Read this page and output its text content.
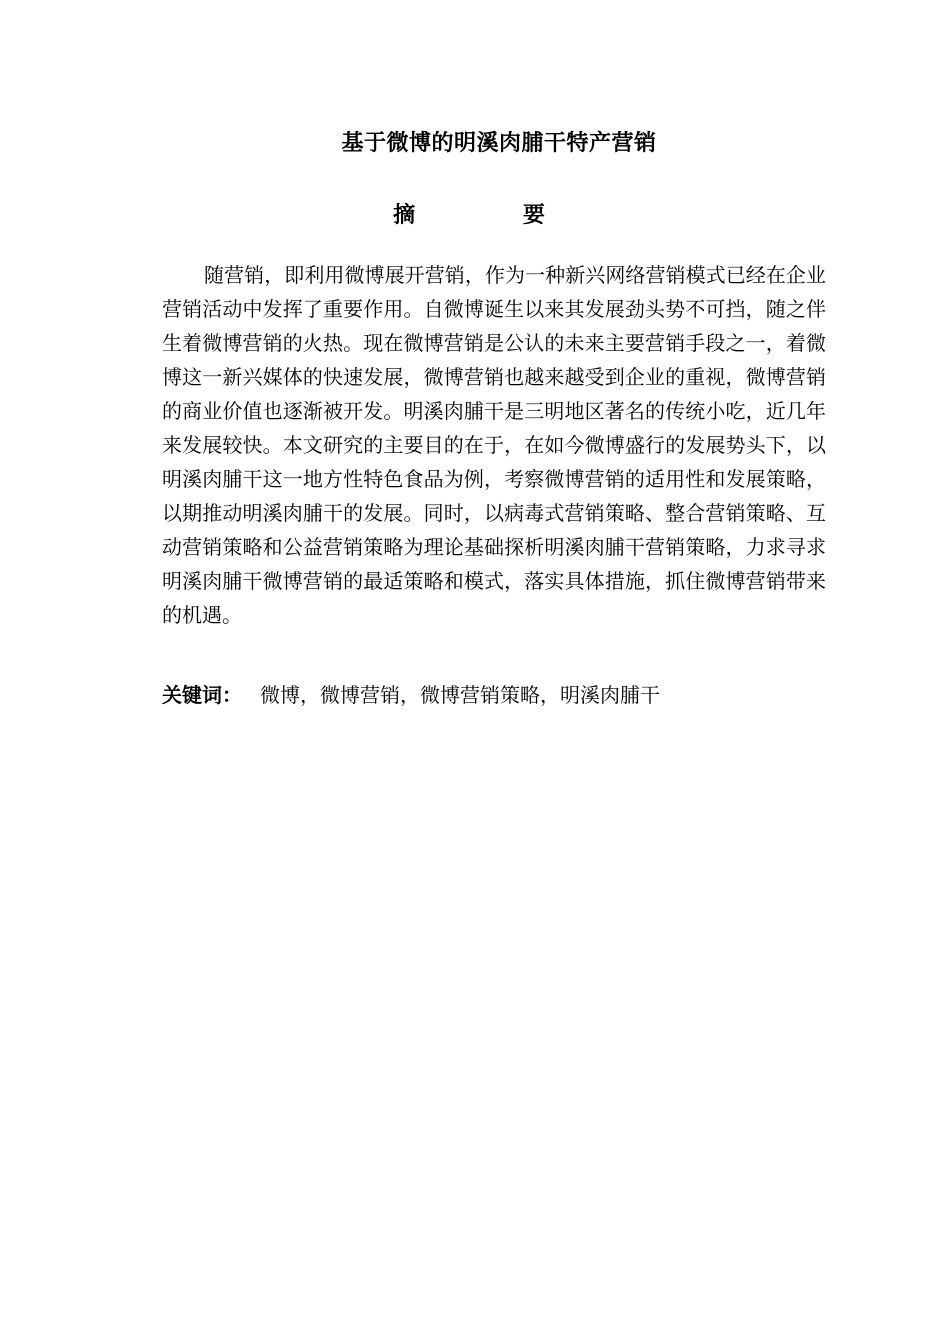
基于微博的明溪肉脯干特产营销
摘 要

随营销，即利用微博展开营销，作为一种新兴网络营销模式已经在企业营销活动中发挥了重要作用。自微博诞生以来其发展劲头势不可挡，随之伴生着微博营销的火热。现在微博营销是公认的未来主要营销手段之一，着微博这一新兴媒体的快速发展，微博营销也越来越受到企业的重视，微博营销的商业价值也逐渐被开发。明溪肉脯干是三明地区著名的传统小吃，近几年来发展较快。本文研究的主要目的在于，在如今微博盛行的发展势头下，以明溪肉脯干这一地方性特色食品为例，考察微博营销的适用性和发展策略，以期推动明溪肉脯干的发展。同时，以病毒式营销策略、整合营销策略、互动营销策略和公益营销策略为理论基础探析明溪肉脯干营销策略，力求寻求明溪肉脯干微博营销的最适策略和模式，落实具体措施，抓住微博营销带来的机遇。

关键词： 微博，微博营销，微博营销策略，明溪肉脯干
